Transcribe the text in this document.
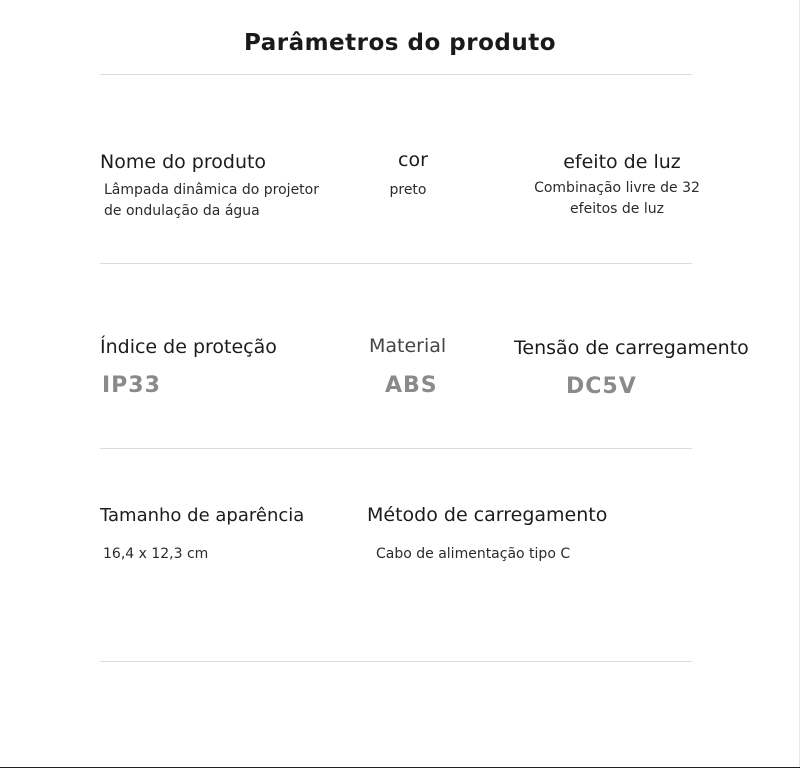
Parâmetros do produto
Nome do produto
Lâmpada dinâmica do projetor
de ondulação da água
cor
preto
efeito de luz
Combinação livre de 32
efeitos de luz
Índice de proteção
IP33
Material
ABS
Tensão de carregamento
DC5V
Tamanho de aparência
16,4 x 12,3 cm
Método de carregamento
Cabo de alimentação tipo C
